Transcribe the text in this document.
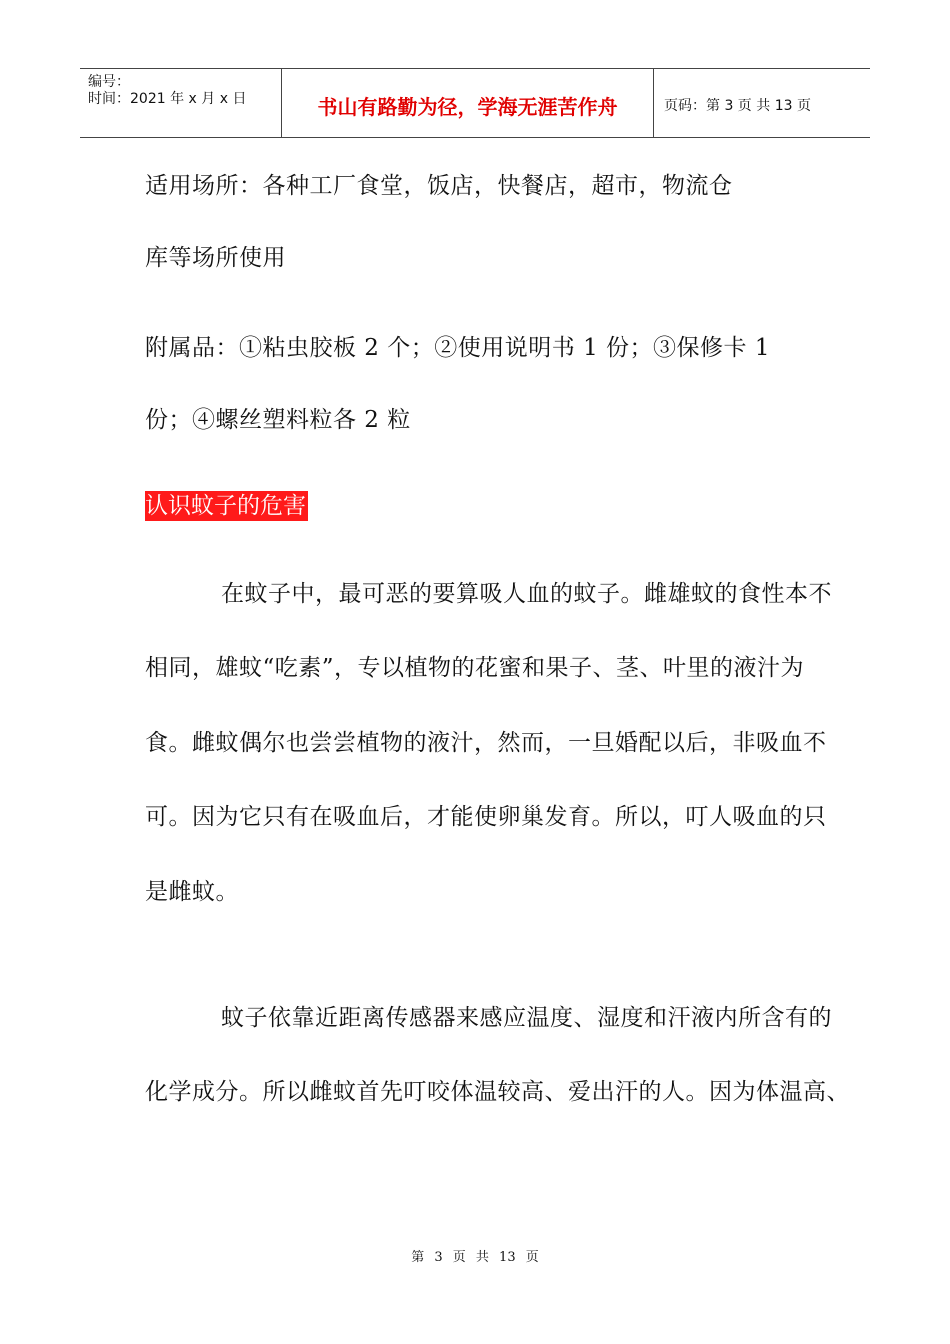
编号：
时间：2021 年 x 月 x 日	书山有路勤为径，学海无涯苦作舟	页码：第 3 页 共 13 页
适用场所：各种工厂食堂，饭店，快餐店，超市，物流仓
库等场所使用
附属品：①粘虫胶板 2 个；②使用说明书 1 份；③保修卡 1
份；④螺丝塑料粒各 2 粒
认识蚊子的危害
在蚊子中，最可恶的要算吸人血的蚊子。雌雄蚊的食性本不
相同，雄蚊“吃素”，专以植物的花蜜和果子、茎、叶里的液汁为
食。雌蚊偶尔也尝尝植物的液汁，然而，一旦婚配以后，非吸血不
可。因为它只有在吸血后，才能使卵巢发育。所以，叮人吸血的只
是雌蚊。
蚊子依靠近距离传感器来感应温度、湿度和汗液内所含有的
化学成分。所以雌蚊首先叮咬体温较高、爱出汗的人。因为体温高、
第 3 页 共 13 页
